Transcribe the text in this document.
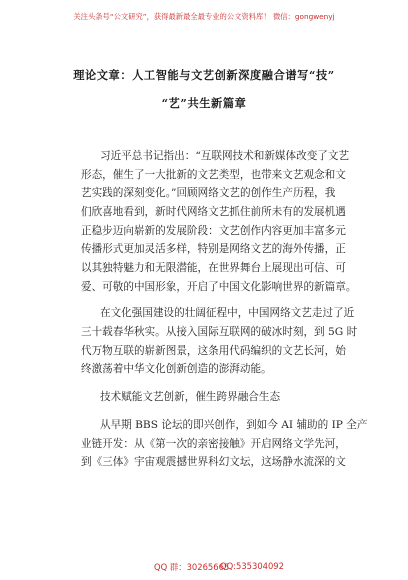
关注头条号“公文研究”，获得最新最全最专业的公文资料库！ 微信：gongwenyj
理论文章：人工智能与文艺创新深度融合谱写“技”
“艺”共生新篇章
习近平总书记指出：“互联网技术和新媒体改变了文艺
形态，催生了一大批新的文艺类型，也带来文艺观念和文
艺实践的深刻变化。”回顾网络文艺的创作生产历程，我
们欣喜地看到，新时代网络文艺抓住前所未有的发展机遇
正稳步迈向崭新的发展阶段：文艺创作内容更加丰富多元
传播形式更加灵活多样，特别是网络文艺的海外传播，正
以其独特魅力和无限潜能，在世界舞台上展现出可信、可
爱、可敬的中国形象，开启了中国文化影响世界的新篇章。
在文化强国建设的壮阔征程中，中国网络文艺走过了近
三十载春华秋实。从接入国际互联网的破冰时刻，到 5G 时
代万物互联的崭新图景，这条用代码编织的文艺长河，始
终激荡着中华文化创新创造的澎湃动能。
技术赋能文艺创新，催生跨界融合生态
从早期 BBS 论坛的即兴创作，到如今 AI 辅助的 IP 全产
业链开发：从《第一次的亲密接触》开启网络文学先河，
到《三体》宇宙观震撼世界科幻文坛，这场静水流深的文
QQ 群：30265665
QQ:535304092
